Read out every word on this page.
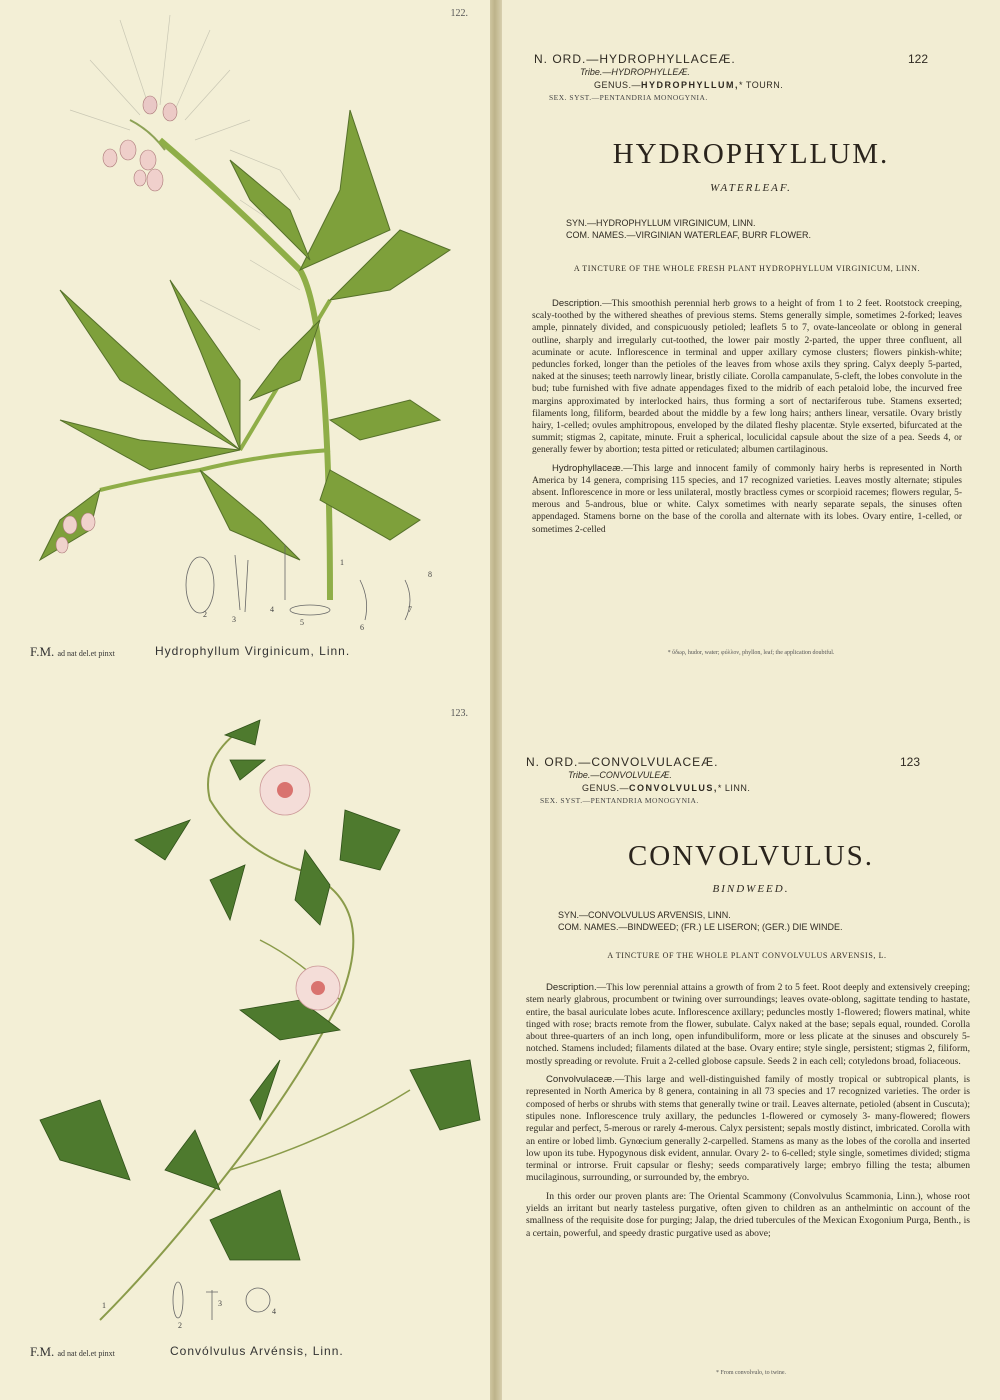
122.
1
2
3
4
5
6
7
8
F.M. ad nat del.et pinxt	Hydrophyllum Virginicum, Linn.
N. ORD.—HYDROPHYLLACEÆ.	122
Tribe.—HYDROPHYLLEÆ.
GENUS.—HYDROPHYLLUM,* TOURN.
SEX. SYST.—PENTANDRIA MONOGYNIA.
HYDROPHYLLUM.
WATERLEAF.
SYN.—HYDROPHYLLUM VIRGINICUM, LINN.
COM. NAMES.—VIRGINIAN WATERLEAF, BURR FLOWER.
A TINCTURE OF THE WHOLE FRESH PLANT HYDROPHYLLUM VIRGINICUM, LINN.

Description.—This smoothish perennial herb grows to a height of from 1 to 2 feet. Rootstock creeping, scaly-toothed by the withered sheathes of previous stems. Stems generally simple, sometimes 2-forked; leaves ample, pinnately divided, and conspicuously petioled; leaflets 5 to 7, ovate-lanceolate or oblong in general outline, sharply and irregularly cut-toothed, the lower pair mostly 2-parted, the upper three confluent, all acuminate or acute. Inflorescence in terminal and upper axillary cymose clusters; flowers pinkish-white; peduncles forked, longer than the petioles of the leaves from whose axils they spring. Calyx deeply 5-parted, naked at the sinuses; teeth narrowly linear, bristly ciliate. Corolla campanulate, 5-cleft, the lobes convolute in the bud; tube furnished with five adnate appendages fixed to the midrib of each petaloid lobe, the incurved free margins approximated by interlocked hairs, thus forming a sort of nectariferous tube. Stamens exserted; filaments long, filiform, bearded about the middle by a few long hairs; anthers linear, versatile. Ovary bristly hairy, 1-celled; ovules amphitropous, enveloped by the dilated fleshy placentæ. Style exserted, bifurcated at the summit; stigmas 2, capitate, minute. Fruit a spherical, loculicidal capsule about the size of a pea. Seeds 4, or generally fewer by abortion; testa pitted or reticulated; albumen cartilaginous.

Hydrophyllaceæ.—This large and innocent family of commonly hairy herbs is represented in North America by 14 genera, comprising 115 species, and 17 recognized varieties. Leaves mostly alternate; stipules absent. Inflorescence in more or less unilateral, mostly bractless cymes or scorpioid racemes; flowers regular, 5-merous and 5-androus, blue or white. Calyx sometimes with nearly separate sepals, the sinuses often appendaged. Stamens borne on the base of the corolla and alternate with its lobes. Ovary entire, 1-celled, or sometimes 2-celled

* ὕδωρ, hudor, water; φύλλον, phyllon, leaf; the application doubtful.
123.
1
2
3
4
F.M. ad nat del.et pinxt	Convólvulus Arvénsis, Linn.
N. ORD.—CONVOLVULACEÆ.	123
Tribe.—CONVOLVULEÆ.
GENUS.—CONVOLVULUS,* LINN.
SEX. SYST.—PENTANDRIA MONOGYNIA.
CONVOLVULUS.
BINDWEED.
SYN.—CONVOLVULUS ARVENSIS, LINN.
COM. NAMES.—BINDWEED; (FR.) LE LISERON; (GER.) DIE WINDE.
A TINCTURE OF THE WHOLE PLANT CONVOLVULUS ARVENSIS, L.

Description.—This low perennial attains a growth of from 2 to 5 feet. Root deeply and extensively creeping; stem nearly glabrous, procumbent or twining over surroundings; leaves ovate-oblong, sagittate tending to hastate, entire, the basal auriculate lobes acute. Inflorescence axillary; peduncles mostly 1-flowered; flowers matinal, white tinged with rose; bracts remote from the flower, subulate. Calyx naked at the base; sepals equal, rounded. Corolla about three-quarters of an inch long, open infundibuliform, more or less plicate at the sinuses and obscurely 5-notched. Stamens included; filaments dilated at the base. Ovary entire; style single, persistent; stigmas 2, filiform, mostly spreading or revolute. Fruit a 2-celled globose capsule. Seeds 2 in each cell; cotyledons broad, foliaceous.

Convolvulaceæ.—This large and well-distinguished family of mostly tropical or subtropical plants, is represented in North America by 8 genera, containing in all 73 species and 17 recognized varieties. The order is composed of herbs or shrubs with stems that generally twine or trail. Leaves alternate, petioled (absent in Cuscuta); stipules none. Inflorescence truly axillary, the peduncles 1-flowered or cymosely 3- many-flowered; flowers regular and perfect, 5-merous or rarely 4-merous. Calyx persistent; sepals mostly distinct, imbricated. Corolla with an entire or lobed limb. Gynœcium generally 2-carpelled. Stamens as many as the lobes of the corolla and inserted low upon its tube. Hypogynous disk evident, annular. Ovary 2- to 6-celled; style single, sometimes divided; stigma terminal or introrse. Fruit capsular or fleshy; seeds comparatively large; embryo filling the testa; albumen mucilaginous, surrounding, or surrounded by, the embryo.

In this order our proven plants are: The Oriental Scammony (Convolvulus Scammonia, Linn.), whose root yields an irritant but nearly tasteless purgative, often given to children as an anthelmintic on account of the smallness of the requisite dose for purging; Jalap, the dried tubercules of the Mexican Exogonium Purga, Benth., is a certain, powerful, and speedy drastic purgative used as above;

* From convolvulo, to twine.
